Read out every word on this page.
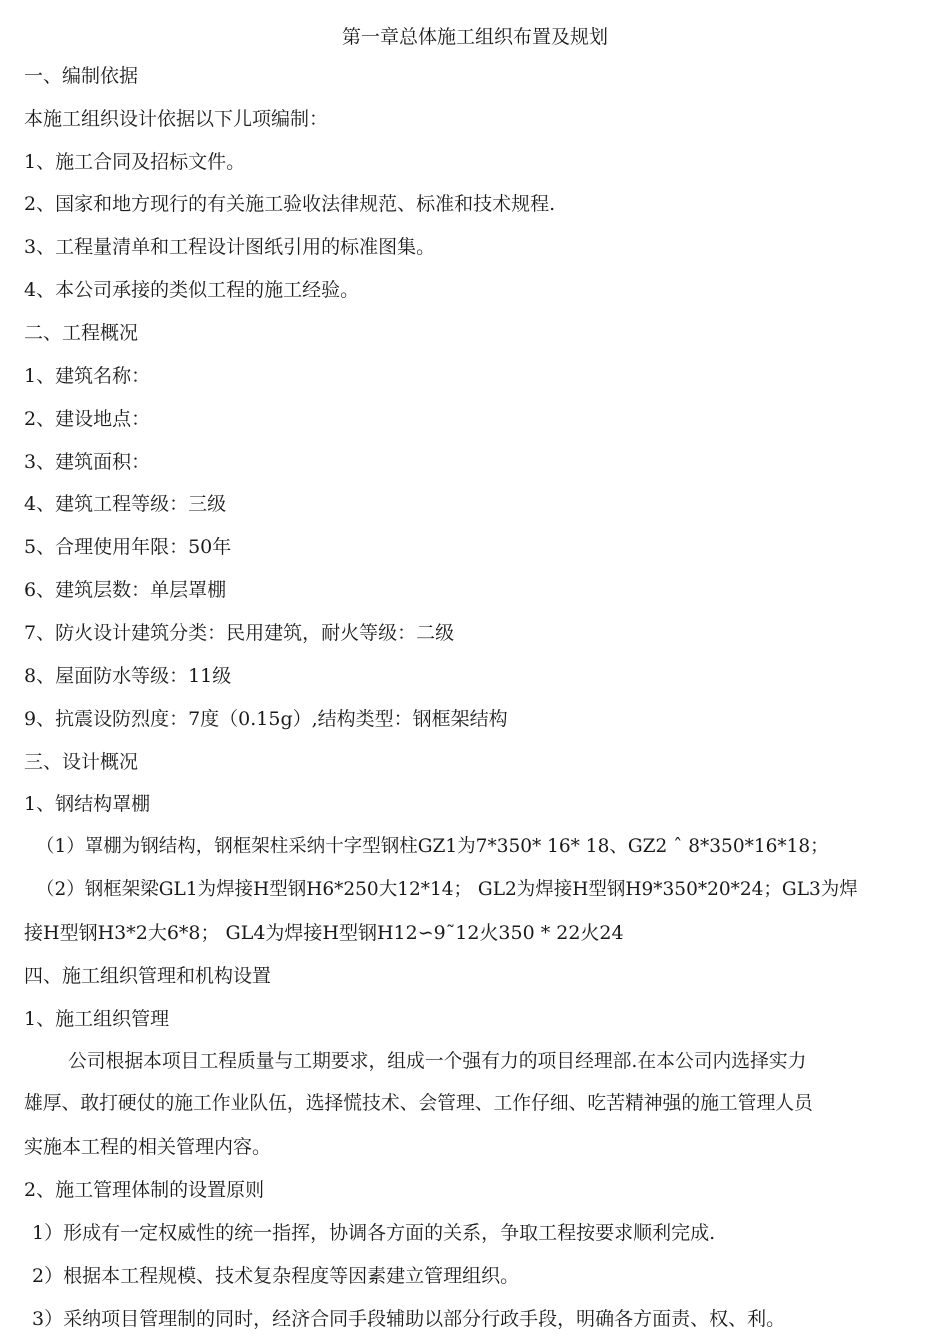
第一章总体施工组织布置及规划
一、编制依据
本施工组织设计依据以下儿项编制：
1、施工合同及招标文件。
2、国家和地方现行的有关施工验收法律规范、标准和技术规程.
3、工程量清单和工程设计图纸引用的标准图集。
4、本公司承接的类似工程的施工经验。
二、工程概况
1、建筑名称：
2、建设地点：
3、建筑面积：
4、建筑工程等级：三级
5、合理使用年限：50年
6、建筑层数：单层罩棚
7、防火设计建筑分类：民用建筑，耐火等级：二级
8、屋面防水等级：11级
9、抗震设防烈度：7度（0.15g）,结构类型：钢框架结构
三、设计概况
1、钢结构罩棚
（1）罩棚为钢结构，钢框架柱采纳十字型钢柱GZ1为7*350* 16* 18、GZ2 ˆ 8*350*16*18；
（2）钢框架梁GL1为焊接H型钢H6*250大12*14； GL2为焊接H型钢H9*350*20*24；GL3为焊
接H型钢H3*2大6*8； GL4为焊接H型钢H12∽9˜12火350 * 22火24
四、施工组织管理和机构设置
1、施工组织管理
公司根据本项目工程质量与工期要求，组成一个强有力的项目经理部.在本公司内选择实力
雄厚、敢打硬仗的施工作业队伍，选择慌技术、会管理、工作仔细、吃苦精神强的施工管理人员
实施本工程的相关管理内容。
2、施工管理体制的设置原则
1）形成有一定权威性的统一指挥，协调各方面的关系，争取工程按要求顺利完成.
2）根据本工程规模、技术复杂程度等因素建立管理组织。
3）采纳项目管理制的同时，经济合同手段辅助以部分行政手段，明确各方面责、权、利。
